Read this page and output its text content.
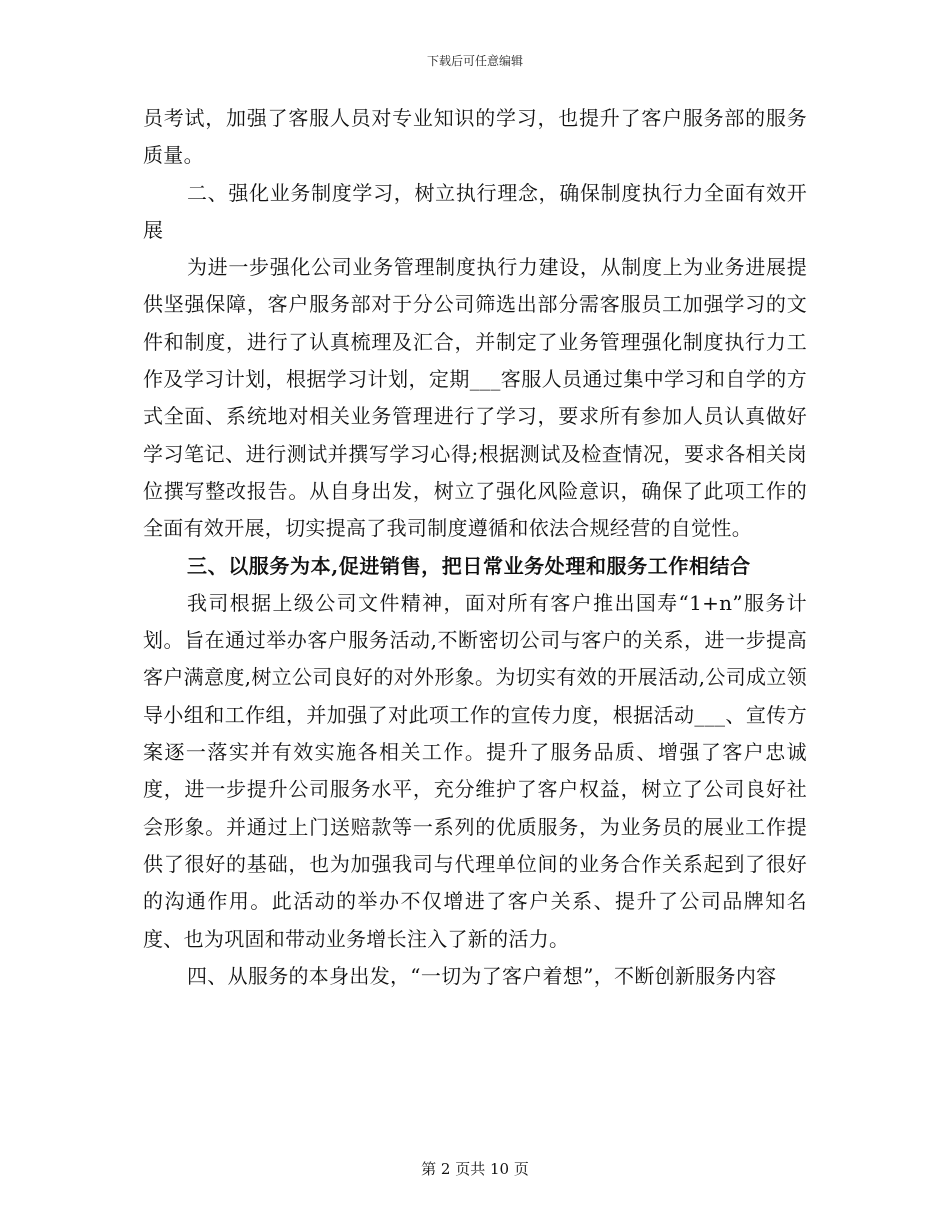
下载后可任意编辑

员考试，加强了客服人员对专业知识的学习，也提升了客户服务部的服务质量。

二、强化业务制度学习，树立执行理念，确保制度执行力全面有效开展

为进一步强化公司业务管理制度执行力建设，从制度上为业务进展提供坚强保障，客户服务部对于分公司筛选出部分需客服员工加强学习的文件和制度，进行了认真梳理及汇合，并制定了业务管理强化制度执行力工作及学习计划，根据学习计划，定期___客服人员通过集中学习和自学的方式全面、系统地对相关业务管理进行了学习，要求所有参加人员认真做好学习笔记、进行测试并撰写学习心得;根据测试及检查情况，要求各相关岗位撰写整改报告。从自身出发，树立了强化风险意识，确保了此项工作的全面有效开展，切实提高了我司制度遵循和依法合规经营的自觉性。

三、以服务为本,促进销售，把日常业务处理和服务工作相结合

我司根据上级公司文件精神，面对所有客户推出国寿“1+n”服务计划。旨在通过举办客户服务活动,不断密切公司与客户的关系，进一步提高客户满意度,树立公司良好的对外形象。为切实有效的开展活动,公司成立领导小组和工作组，并加强了对此项工作的宣传力度，根据活动___、宣传方案逐一落实并有效实施各相关工作。提升了服务品质、增强了客户忠诚度，进一步提升公司服务水平，充分维护了客户权益，树立了公司良好社会形象。并通过上门送赔款等一系列的优质服务，为业务员的展业工作提供了很好的基础，也为加强我司与代理单位间的业务合作关系起到了很好的沟通作用。此活动的举办不仅增进了客户关系、提升了公司品牌知名度、也为巩固和带动业务增长注入了新的活力。

四、从服务的本身出发，“一切为了客户着想”，不断创新服务内容

第 2 页共 10 页
